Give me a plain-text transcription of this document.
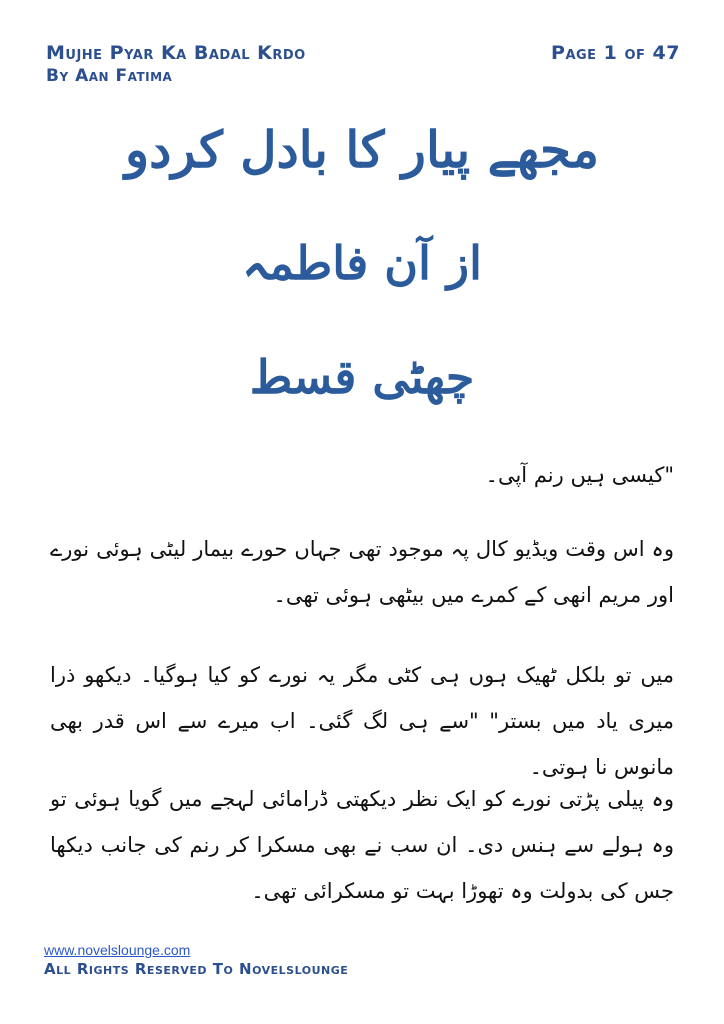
Mujhe Pyar Ka Badal Krdo
By Aan Fatima
Page 1 of 47
مجھے پیار کا بادل کردو
از آن فاطمہ
چھٹی قسط
"کیسی ہیں رنم آپی۔
وہ اس وقت ویڈیو کال پہ موجود تھی جہاں حورے بیمار لیٹی ہوئی نورے اور مریم انھی کے کمرے میں بیٹھی ہوئی تھی۔
میں تو بلکل ٹھیک ہوں ہی کٹی مگر یہ نورے کو کیا ہوگیا۔ دیکھو ذرا میری یاد میں بستر" "سے ہی لگ گئی۔ اب میرے سے اس قدر بھی مانوس نا ہوتی۔
وہ پیلی پڑتی نورے کو ایک نظر دیکھتی ڈرامائی لہجے میں گویا ہوئی تو وہ ہولے سے ہنس دی۔ ان سب نے بھی مسکرا کر رنم کی جانب دیکھا جس کی بدولت وہ تھوڑا بہت تو مسکرائی تھی۔
www.novelslounge.com
All Rights Reserved To Novelslounge
